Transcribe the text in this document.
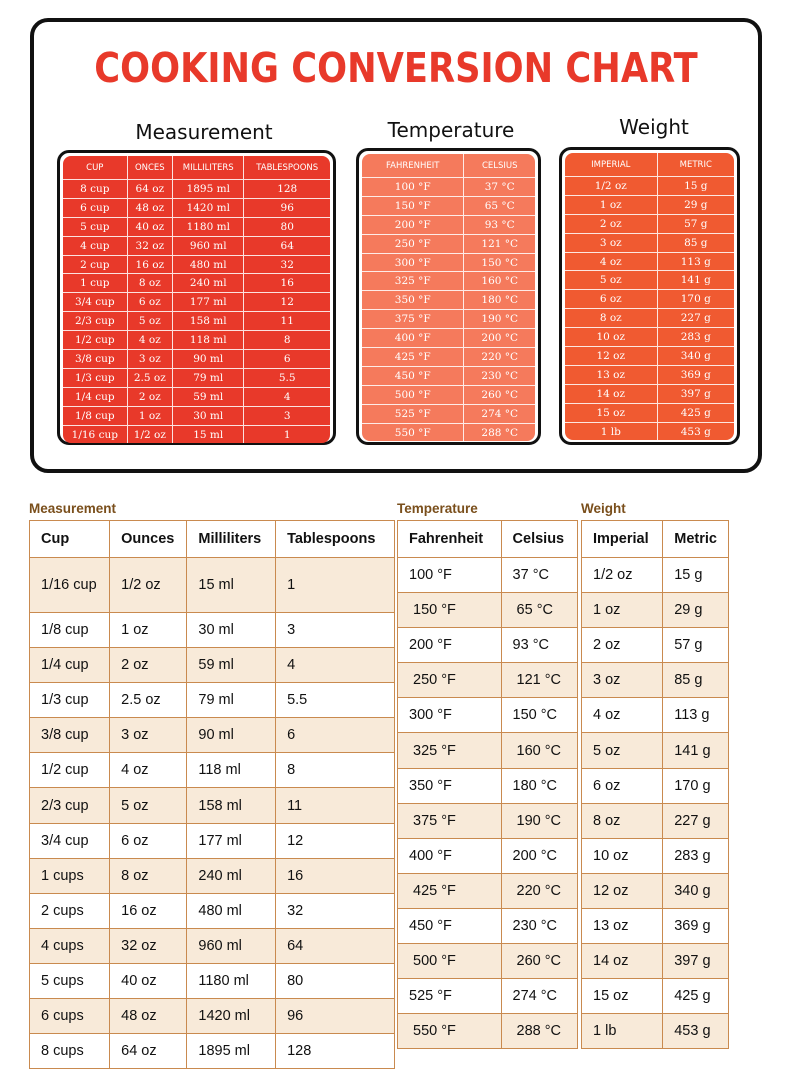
COOKING CONVERSION CHART
Measurement	Temperature	Weight
CUP	ONCES	MILLILITERS	TABLESPOONS
8 cup	64 oz	1895 ml	128
6 cup	48 oz	1420 ml	96
5 cup	40 oz	1180 ml	80
4 cup	32 oz	960 ml	64
2 cup	16 oz	480 ml	32
1 cup	8 oz	240 ml	16
3/4 cup	6 oz	177 ml	12
2/3 cup	5 oz	158 ml	11
1/2 cup	4 oz	118 ml	8
3/8 cup	3 oz	90 ml	6
1/3 cup	2.5 oz	79 ml	5.5
1/4 cup	2 oz	59 ml	4
1/8 cup	1 oz	30 ml	3
1/16 cup	1/2 oz	15 ml	1
FAHRENHEIT	CELSIUS
100 °F	37 °C
150 °F	65 °C
200 °F	93 °C
250 °F	121 °C
300 °F	150 °C
325 °F	160 °C
350 °F	180 °C
375 °F	190 °C
400 °F	200 °C
425 °F	220 °C
450 °F	230 °C
500 °F	260 °C
525 °F	274 °C
550 °F	288 °C
IMPERIAL	METRIC
1/2 oz	15 g
1 oz	29 g
2 oz	57 g
3 oz	85 g
4 oz	113 g
5 oz	141 g
6 oz	170 g
8 oz	227 g
10 oz	283 g
12 oz	340 g
13 oz	369 g
14 oz	397 g
15 oz	425 g
1 lb	453 g
Measurement	Temperature	Weight
Cup	Ounces	Milliliters	Tablespoons
1/16 cup	1/2 oz	15 ml	1
1/8 cup	1 oz	30 ml	3
1/4 cup	2 oz	59 ml	4
1/3 cup	2.5 oz	79 ml	5.5
3/8 cup	3 oz	90 ml	6
1/2 cup	4 oz	118 ml	8
2/3 cup	5 oz	158 ml	11
3/4 cup	6 oz	177 ml	12
1 cups	8 oz	240 ml	16
2 cups	16 oz	480 ml	32
4 cups	32 oz	960 ml	64
5 cups	40 oz	1180 ml	80
6 cups	48 oz	1420 ml	96
8 cups	64 oz	1895 ml	128
Fahrenheit	Celsius
100 °F	37 °C
150 °F	65 °C
200 °F	93 °C
250 °F	121 °C
300 °F	150 °C
325 °F	160 °C
350 °F	180 °C
375 °F	190 °C
400 °F	200 °C
425 °F	220 °C
450 °F	230 °C
500 °F	260 °C
525 °F	274 °C
550 °F	288 °C
Imperial	Metric
1/2 oz	15 g
1 oz	29 g
2 oz	57 g
3 oz	85 g
4 oz	113 g
5 oz	141 g
6 oz	170 g
8 oz	227 g
10 oz	283 g
12 oz	340 g
13 oz	369 g
14 oz	397 g
15 oz	425 g
1 lb	453 g
